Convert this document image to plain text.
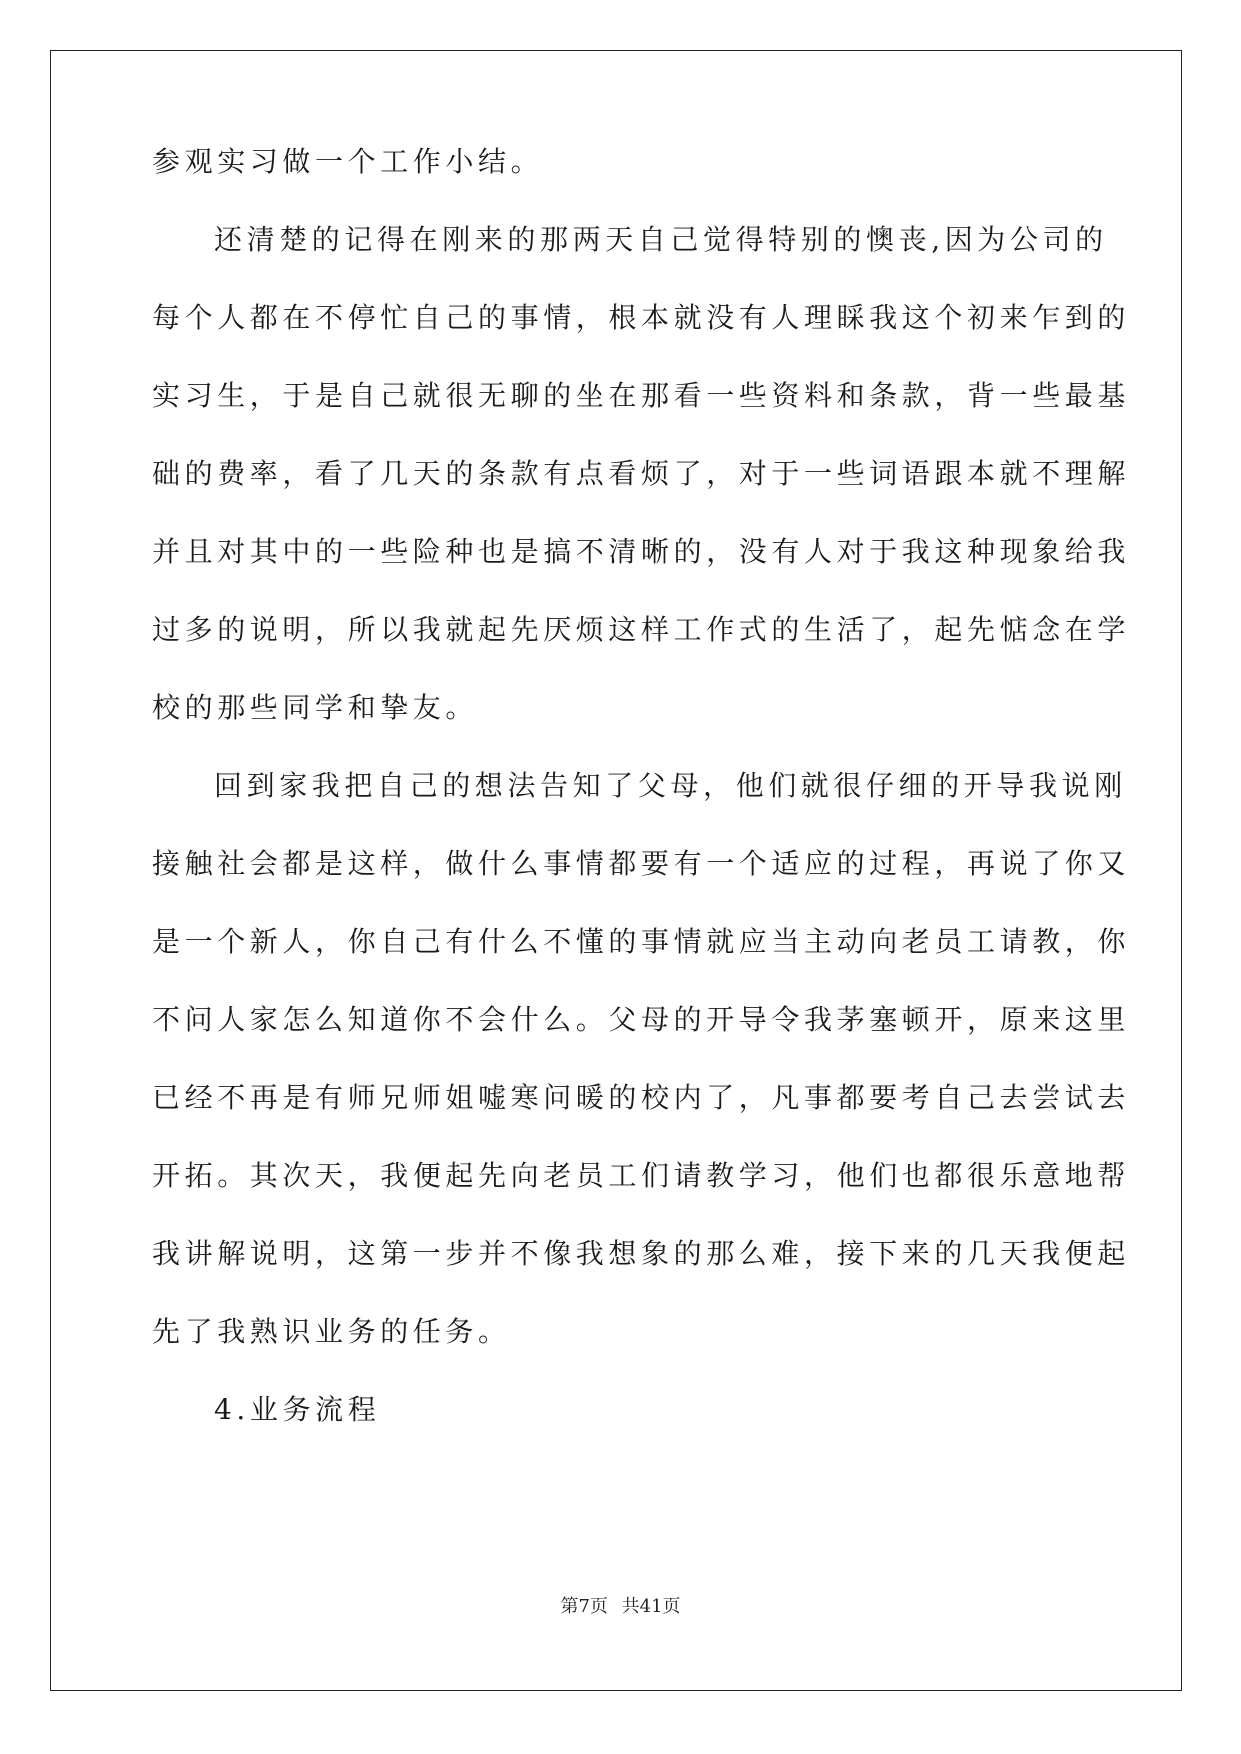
参观实习做一个工作小结。
还清楚的记得在刚来的那两天自己觉得特别的懊丧,因为公司的
每个人都在不停忙自己的事情，根本就没有人理睬我这个初来乍到的
实习生，于是自己就很无聊的坐在那看一些资料和条款，背一些最基
础的费率，看了几天的条款有点看烦了，对于一些词语跟本就不理解
并且对其中的一些险种也是搞不清晰的，没有人对于我这种现象给我
过多的说明，所以我就起先厌烦这样工作式的生活了，起先惦念在学
校的那些同学和挚友。
回到家我把自己的想法告知了父母，他们就很仔细的开导我说刚
接触社会都是这样，做什么事情都要有一个适应的过程，再说了你又
是一个新人，你自己有什么不懂的事情就应当主动向老员工请教，你
不问人家怎么知道你不会什么。父母的开导令我茅塞顿开，原来这里
已经不再是有师兄师姐嘘寒问暖的校内了，凡事都要考自己去尝试去
开拓。其次天，我便起先向老员工们请教学习，他们也都很乐意地帮
我讲解说明，这第一步并不像我想象的那么难，接下来的几天我便起
先了我熟识业务的任务。
4.业务流程
第7页 共41页
